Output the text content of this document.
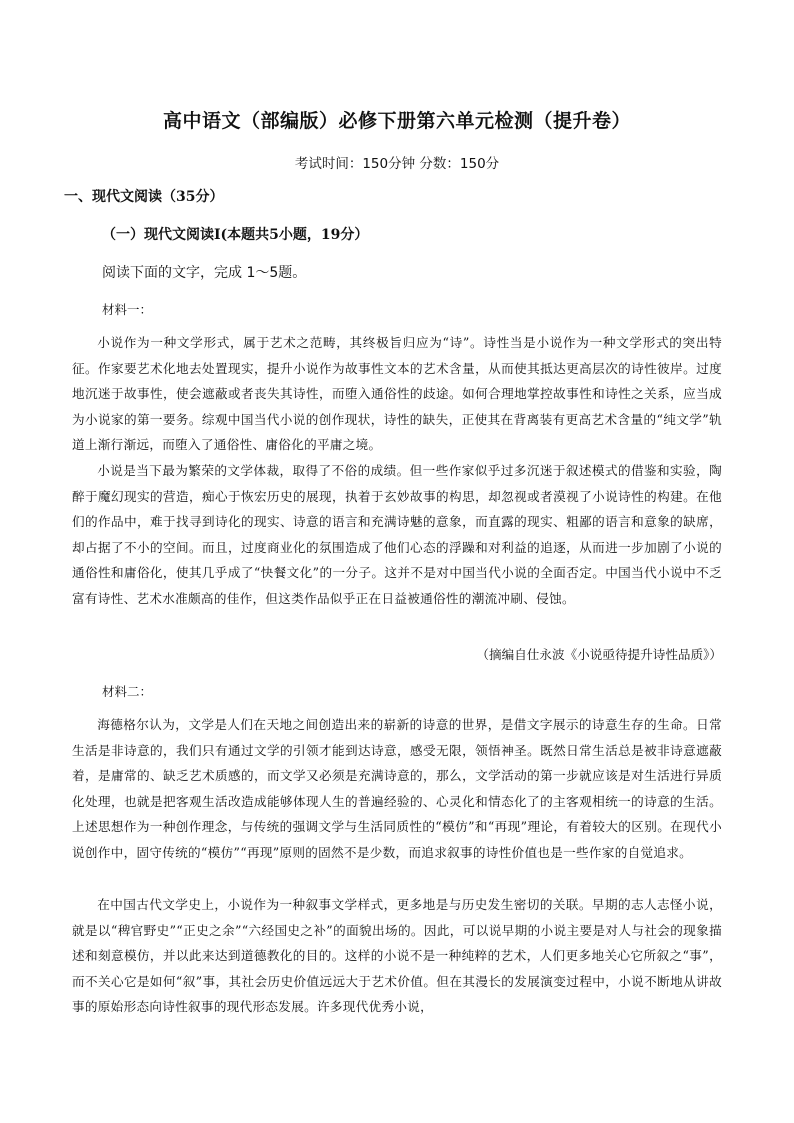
高中语文（部编版）必修下册第六单元检测（提升卷）

考试时间：150分钟 分数：150分

一、现代文阅读（35分）

（一）现代文阅读Ⅰ(本题共5小题，19分）

阅读下面的文字，完成 1～5题。

材料一：

小说作为一种文学形式，属于艺术之范畴，其终极旨归应为“诗”。诗性当是小说作为一种文学形式的突出特征。作家要艺术化地去处置现实，提升小说作为故事性文本的艺术含量，从而使其抵达更高层次的诗性彼岸。过度地沉迷于故事性，使会遮蔽或者丧失其诗性，而堕入通俗性的歧途。如何合理地掌控故事性和诗性之关系，应当成为小说家的第一要务。综观中国当代小说的创作现状，诗性的缺失，正使其在背离装有更高艺术含量的“纯文学”轨道上渐行渐远，而堕入了通俗性、庸俗化的平庸之境。

小说是当下最为繁荣的文学体裁，取得了不俗的成绩。但一些作家似乎过多沉迷于叙述模式的借鉴和实验，陶醉于魔幻现实的营造，痴心于恢宏历史的展现，执着于玄妙故事的构思，却忽视或者漠视了小说诗性的构建。在他们的作品中，难于找寻到诗化的现实、诗意的语言和充满诗魅的意象，而直露的现实、粗鄙的语言和意象的缺席，却占据了不小的空间。而且，过度商业化的氛围造成了他们心态的浮躁和对利益的追逐，从而进一步加剧了小说的通俗性和庸俗化，使其几乎成了“快餐文化”的一分子。这并不是对中国当代小说的全面否定。中国当代小说中不乏富有诗性、艺术水准颇高的佳作，但这类作品似乎正在日益被通俗性的潮流冲刷、侵蚀。

（摘编自仕永波《小说亟待提升诗性品质》）

材料二：

海德格尔认为，文学是人们在天地之间创造出来的崭新的诗意的世界，是借文字展示的诗意生存的生命。日常生活是非诗意的，我们只有通过文学的引领才能到达诗意，感受无限，领悟神圣。既然日常生活总是被非诗意遮蔽着，是庸常的、缺乏艺术质感的，而文学又必须是充满诗意的，那么，文学活动的第一步就应该是对生活进行异质化处理，也就是把客观生活改造成能够体现人生的普遍经验的、心灵化和情态化了的主客观相统一的诗意的生活。上述思想作为一种创作理念，与传统的强调文学与生活同质性的“模仿”和“再现”理论，有着较大的区别。在现代小说创作中，固守传统的“模仿”“再现”原则的固然不是少数，而追求叙事的诗性价值也是一些作家的自觉追求。

在中国古代文学史上，小说作为一种叙事文学样式，更多地是与历史发生密切的关联。早期的志人志怪小说，就是以“稗官野史”“正史之余”“六经国史之补”的面貌出场的。因此，可以说早期的小说主要是对人与社会的现象描述和刻意模仿，并以此来达到道德教化的目的。这样的小说不是一种纯粹的艺术，人们更多地关心它所叙之“事”，而不关心它是如何“叙”事，其社会历史价值远远大于艺术价值。但在其漫长的发展演变过程中，小说不断地从讲故事的原始形态向诗性叙事的现代形态发展。许多现代优秀小说，
